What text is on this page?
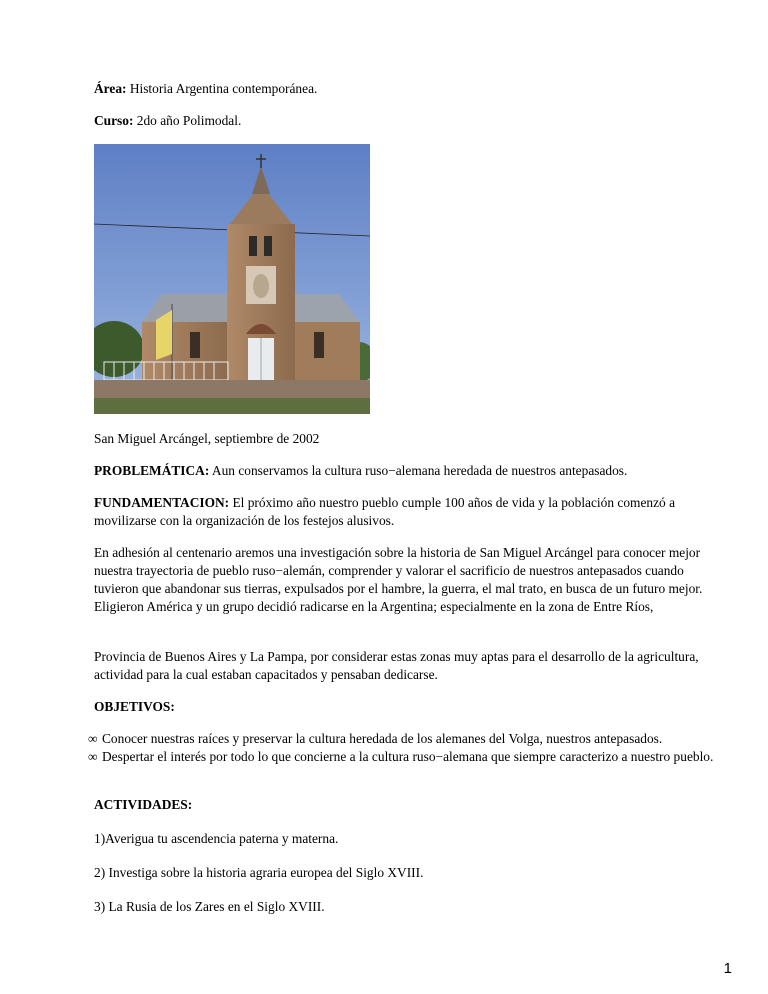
Área: Historia Argentina contemporánea.

Curso: 2do año Polimodal.

San Miguel Arcángel, septiembre de 2002

PROBLEMÁTICA: Aun conservamos la cultura ruso−alemana heredada de nuestros antepasados.

FUNDAMENTACION: El próximo año nuestro pueblo cumple 100 años de vida y la población comenzó a movilizarse con la organización de los festejos alusivos.

En adhesión al centenario aremos una investigación sobre la historia de San Miguel Arcángel para conocer mejor nuestra trayectoria de pueblo ruso−alemán, comprender y valorar el sacrificio de nuestros antepasados cuando tuvieron que abandonar sus tierras, expulsados por el hambre, la guerra, el mal trato, en busca de un futuro mejor. Eligieron América y un grupo decidió radicarse en la Argentina; especialmente en la zona de Entre Ríos,

Provincia de Buenos Aires y La Pampa, por considerar estas zonas muy aptas para el desarrollo de la agricultura, actividad para la cual estaban capacitados y pensaban dedicarse.

OBJETIVOS:

∞ Conocer nuestras raíces y preservar la cultura heredada de los alemanes del Volga, nuestros antepasados.
∞ Despertar el interés por todo lo que concierne a la cultura ruso−alemana que siempre caracterizo a nuestro pueblo.

ACTIVIDADES:

1)Averigua tu ascendencia paterna y materna.

2) Investiga sobre la historia agraria europea del Siglo XVIII.

3) La Rusia de los Zares en el Siglo XVIII.

1
